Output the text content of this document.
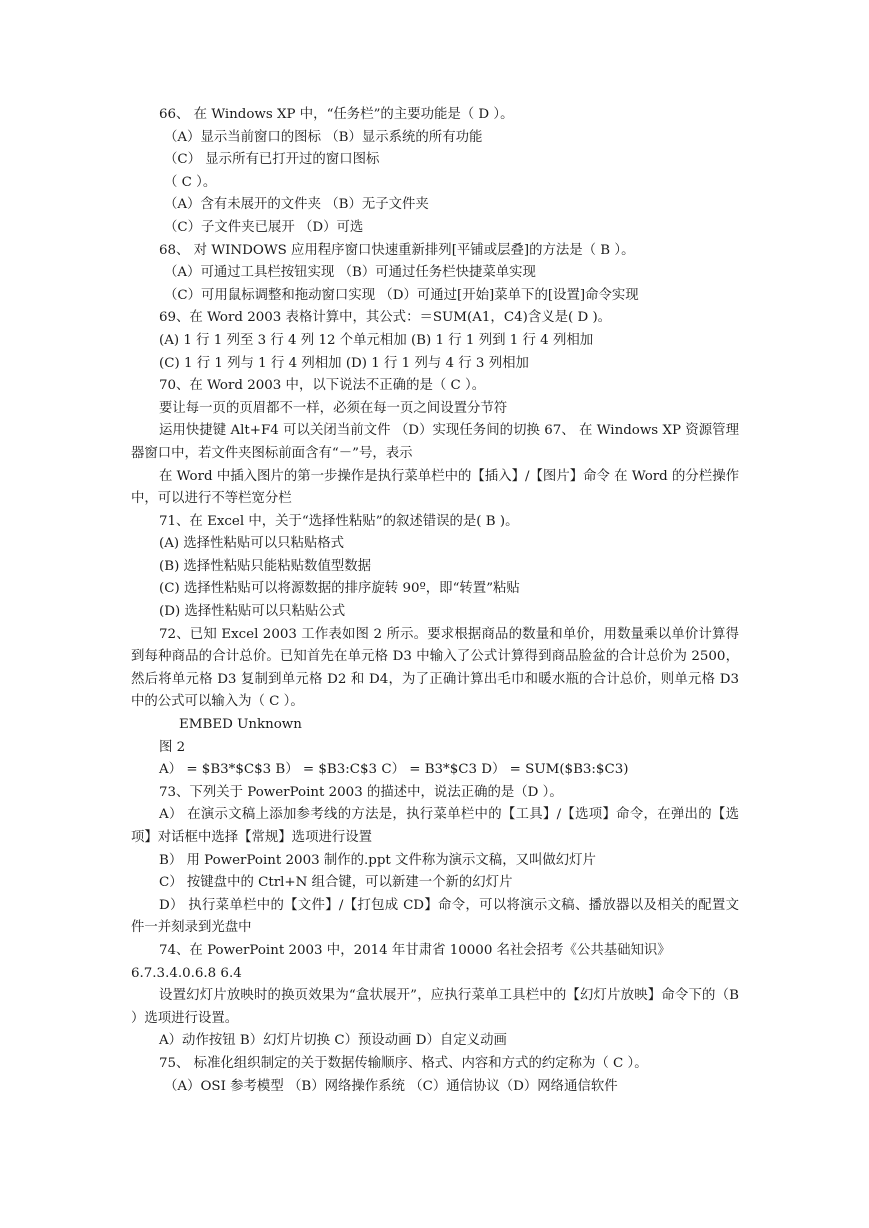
66、 在 Windows XP 中，“任务栏”的主要功能是（ D ）。

（A）显示当前窗口的图标 （B）显示系统的所有功能

（C） 显示所有已打开过的窗口图标

（ C ）。

（A）含有未展开的文件夹 （B）无子文件夹

（C）子文件夹已展开 （D）可选

68、 对 WINDOWS 应用程序窗口快速重新排列[平铺或层叠]的方法是（ B ）。

（A）可通过工具栏按钮实现 （B）可通过任务栏快捷菜单实现

（C）可用鼠标调整和拖动窗口实现 （D）可通过[开始]菜单下的[设置]命令实现

69、在 Word 2003 表格计算中，其公式：＝SUM(A1，C4)含义是( D )。

(A) 1 行 1 列至 3 行 4 列 12 个单元相加 (B) 1 行 1 列到 1 行 4 列相加

(C) 1 行 1 列与 1 行 4 列相加 (D) 1 行 1 列与 4 行 3 列相加

70、在 Word 2003 中，以下说法不正确的是（ C ）。

要让每一页的页眉都不一样，必须在每一页之间设置分节符

运用快捷键 Alt+F4 可以关闭当前文件 （D）实现任务间的切换 67、 在 Windows XP 资源管理器窗口中，若文件夹图标前面含有“－”号，表示

在 Word 中插入图片的第一步操作是执行菜单栏中的【插入】/【图片】命令 在 Word 的分栏操作中，可以进行不等栏宽分栏

71、在 Excel 中，关于“选择性粘贴”的叙述错误的是( B )。

(A) 选择性粘贴可以只粘贴格式

(B) 选择性粘贴只能粘贴数值型数据

(C) 选择性粘贴可以将源数据的排序旋转 90º，即“转置”粘贴

(D) 选择性粘贴可以只粘贴公式

72、已知 Excel 2003 工作表如图 2 所示。要求根据商品的数量和单价，用数量乘以单价计算得到每种商品的合计总价。已知首先在单元格 D3 中输入了公式计算得到商品脸盆的合计总价为 2500，然后将单元格 D3 复制到单元格 D2 和 D4，为了正确计算出毛巾和暖水瓶的合计总价，则单元格 D3 中的公式可以输入为（ C ）。

EMBED Unknown

图 2

A） = $B3*$C$3 B） = $B3:C$3 C） = B3*$C3 D） = SUM($B3:$C3)

73、下列关于 PowerPoint 2003 的描述中，说法正确的是（D ）。

A） 在演示文稿上添加参考线的方法是，执行菜单栏中的【工具】/【选项】命令，在弹出的【选项】对话框中选择【常规】选项进行设置

B） 用 PowerPoint 2003 制作的.ppt 文件称为演示文稿，又叫做幻灯片

C） 按键盘中的 Ctrl+N 组合键，可以新建一个新的幻灯片

D） 执行菜单栏中的【文件】/【打包成 CD】命令，可以将演示文稿、播放器以及相关的配置文件一并刻录到光盘中

74、在 PowerPoint 2003 中，2014 年甘肃省 10000 名社会招考《公共基础知识》

6.7.3.4.0.6.8 6.4

设置幻灯片放映时的换页效果为“盒状展开”，应执行菜单工具栏中的【幻灯片放映】命令下的（B ）选项进行设置。

A）动作按钮 B）幻灯片切换 C）预设动画 D）自定义动画

75、 标准化组织制定的关于数据传输顺序、格式、内容和方式的约定称为（ C ）。

（A）OSI 参考模型 （B）网络操作系统 （C）通信协议（D）网络通信软件
